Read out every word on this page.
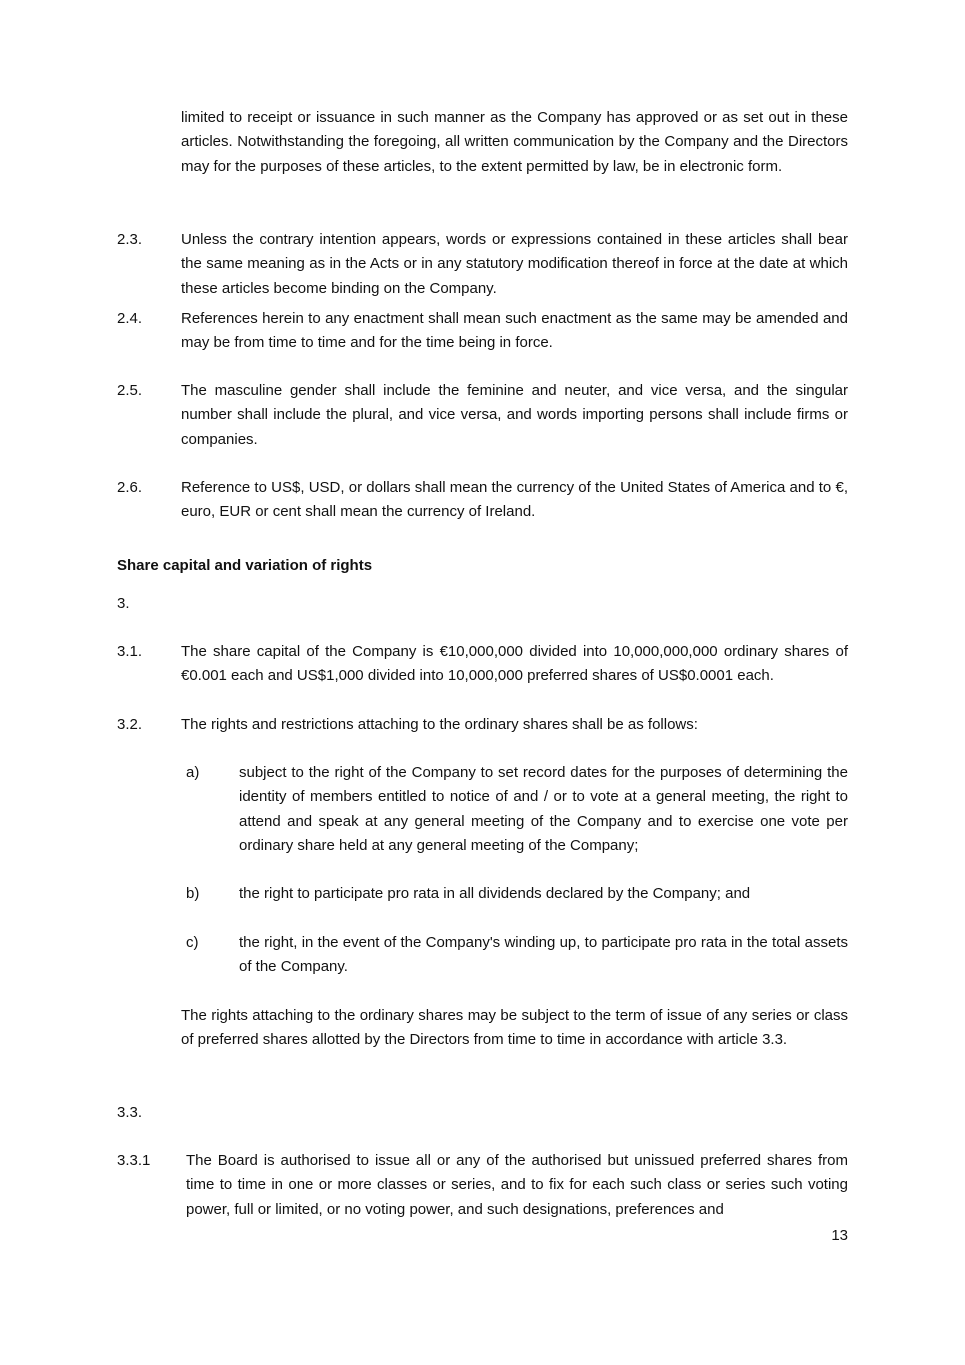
limited to receipt or issuance in such manner as the Company has approved or as set out in these articles. Notwithstanding the foregoing, all written communication by the Company and the Directors may for the purposes of these articles, to the extent permitted by law, be in electronic form.

2.3.	Unless the contrary intention appears, words or expressions contained in these articles shall bear the same meaning as in the Acts or in any statutory modification thereof in force at the date at which these articles become binding on the Company.

2.4.	References herein to any enactment shall mean such enactment as the same may be amended and may be from time to time and for the time being in force.

2.5.	The masculine gender shall include the feminine and neuter, and vice versa, and the singular number shall include the plural, and vice versa, and words importing persons shall include firms or companies.

2.6.	Reference to US$, USD, or dollars shall mean the currency of the United States of America and to €, euro, EUR or cent shall mean the currency of Ireland.

Share capital and variation of rights
3.
3.1.	The share capital of the Company is €10,000,000 divided into 10,000,000,000 ordinary shares of €0.001 each and US$1,000 divided into 10,000,000 preferred shares of US$0.0001 each.

3.2.	The rights and restrictions attaching to the ordinary shares shall be as follows:

a)	subject to the right of the Company to set record dates for the purposes of determining the identity of members entitled to notice of and / or to vote at a general meeting, the right to attend and speak at any general meeting of the Company and to exercise one vote per ordinary share held at any general meeting of the Company;

b)	the right to participate pro rata in all dividends declared by the Company; and

c)	the right, in the event of the Company's winding up, to participate pro rata in the total assets of the Company.

The rights attaching to the ordinary shares may be subject to the term of issue of any series or class of preferred shares allotted by the Directors from time to time in accordance with article 3.3.

3.3.
3.3.1 The Board is authorised to issue all or any of the authorised but unissued preferred shares from time to time in one or more classes or series, and to fix for each such class or series such voting power, full or limited, or no voting power, and such designations, preferences and

13
